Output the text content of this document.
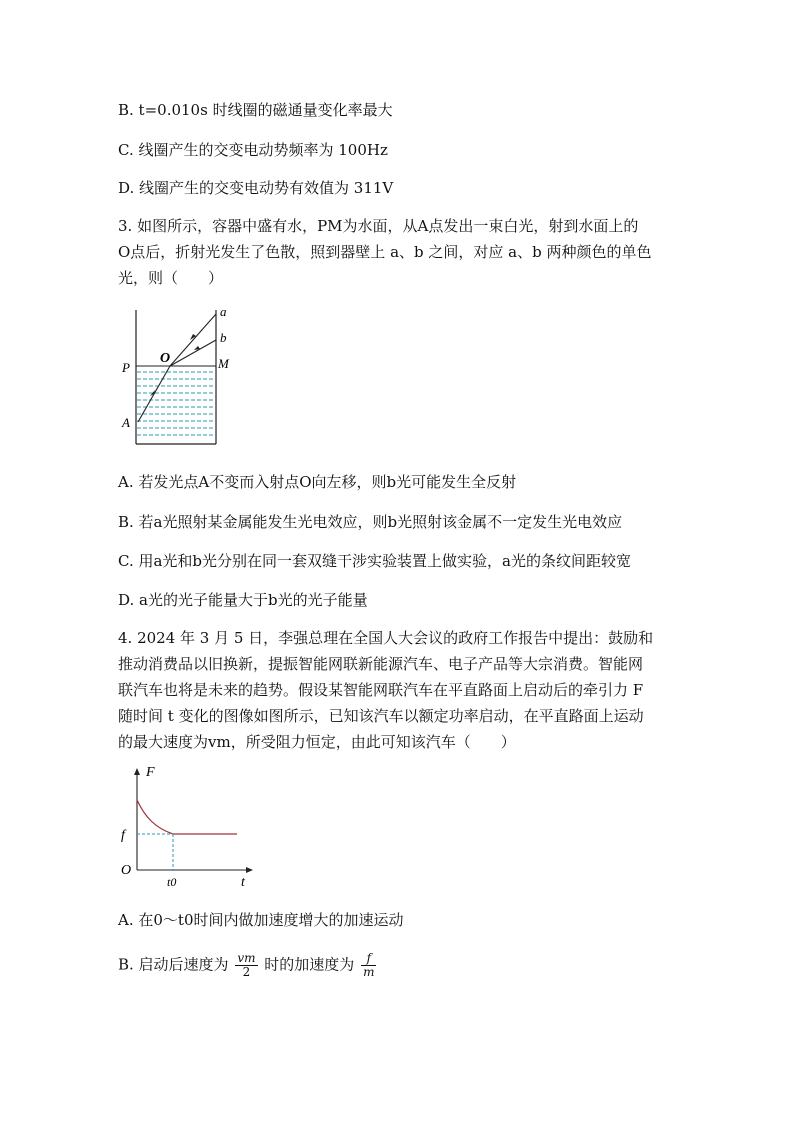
B. t=0.010s 时线圈的磁通量变化率最大
C. 线圈产生的交变电动势频率为 100Hz
D. 线圈产生的交变电动势有效值为 311V
3. 如图所示，容器中盛有水，PM为水面，从A点发出一束白光，射到水面上的
O点后，折射光发生了色散，照到器壁上 a、b 之间，对应 a、b 两种颜色的单色
光，则（　　）
a
b
P
O	M
A
A. 若发光点A不变而入射点O向左移，则b光可能发生全反射
B. 若a光照射某金属能发生光电效应，则b光照射该金属不一定发生光电效应
C. 用a光和b光分别在同一套双缝干涉实验装置上做实验，a光的条纹间距较宽
D. a光的光子能量大于b光的光子能量
4. 2024 年 3 月 5 日，李强总理在全国人大会议的政府工作报告中提出：鼓励和
推动消费品以旧换新，提振智能网联新能源汽车、电子产品等大宗消费。智能网
联汽车也将是未来的趋势。假设某智能网联汽车在平直路面上启动后的牵引力 F
随时间 t 变化的图像如图所示，已知该汽车以额定功率启动，在平直路面上运动
的最大速度为vm，所受阻力恒定，由此可知该汽车（　　）
F
f
O
t0	t
A. 在0～t0时间内做加速度增大的加速运动
B. 启动后速度为 $\frac{vm}{2}$ 时的加速度为 $\frac{f}{m}$
